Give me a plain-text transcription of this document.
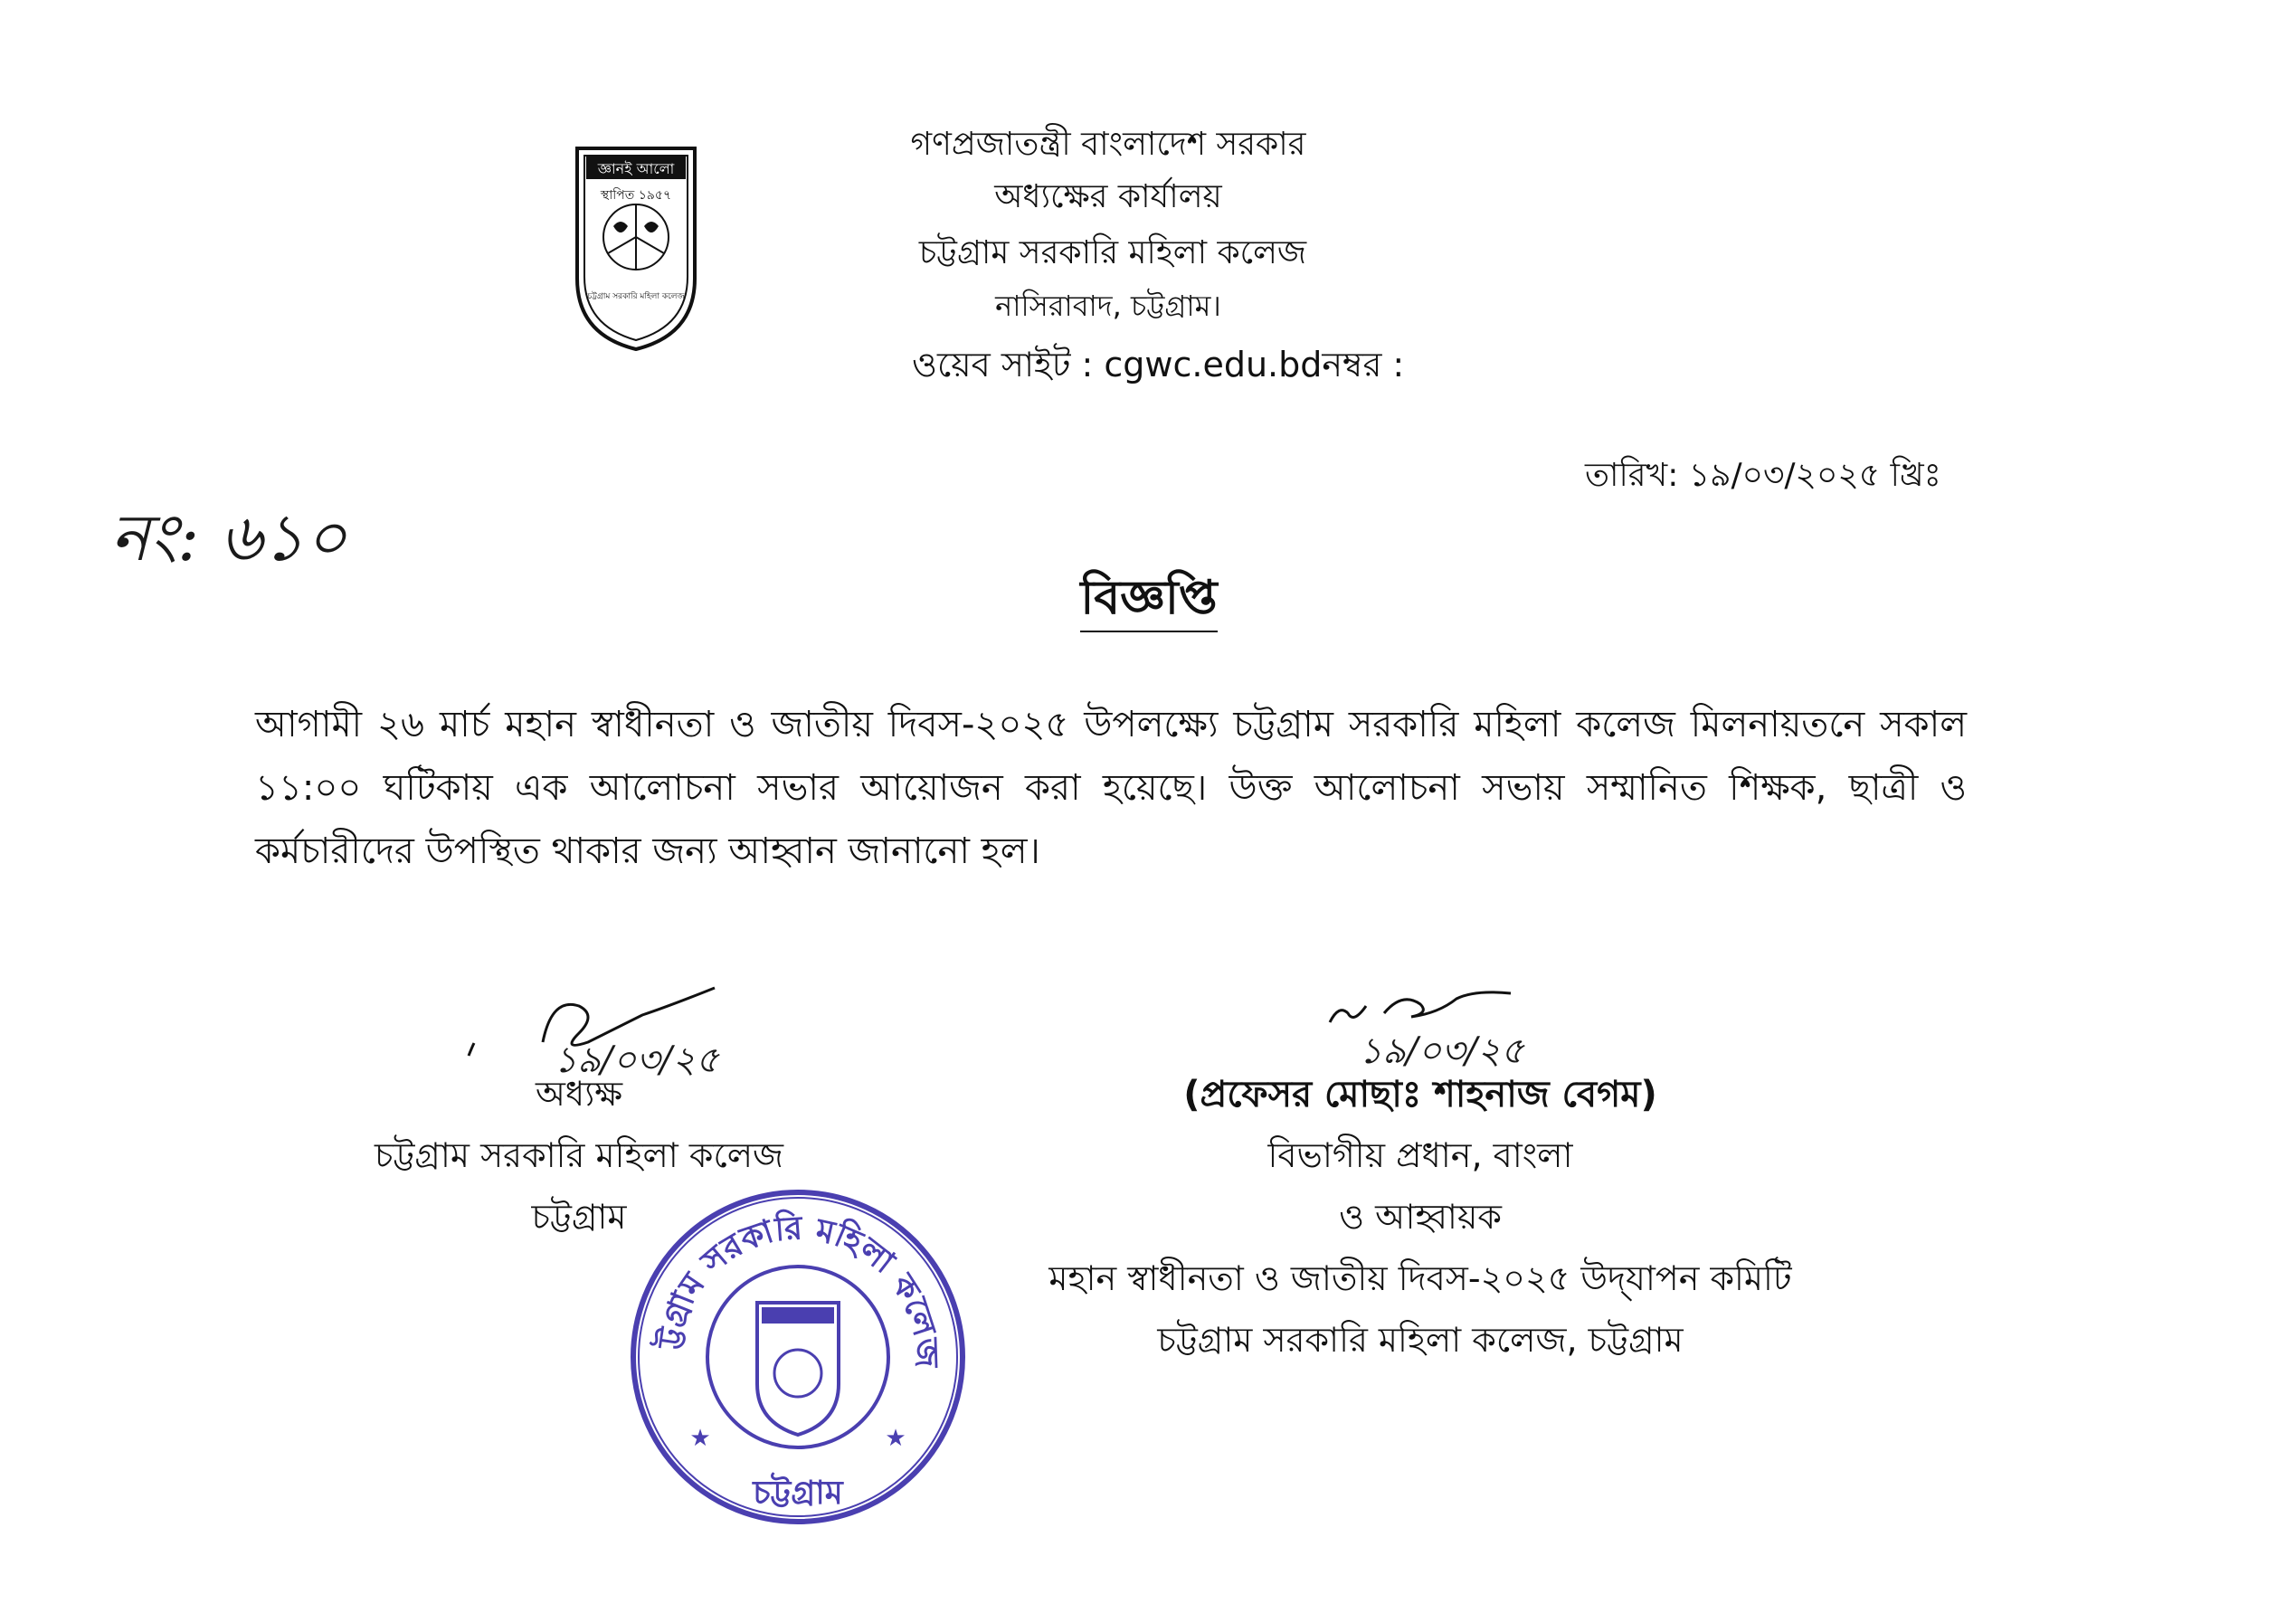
জ্ঞানই আলো
স্থাপিত ১৯৫৭
চট্টগ্রাম সরকারি মহিলা কলেজ
গণপ্রজাতন্ত্রী বাংলাদেশ সরকার
অধ্যক্ষের কার্যালয়
চট্টগ্রাম সরকারি মহিলা কলেজ
নাসিরাবাদ, চট্টগ্রাম।
ওয়েব সাইট : cgwc.edu.bdনম্বর :
নং: ৬১০
তারিখ: ১৯/০৩/২০২৫ খ্রিঃ
বিজ্ঞপ্তি
আগামী ২৬ মার্চ মহান স্বাধীনতা ও জাতীয় দিবস-২০২৫ উপলক্ষ্যে চট্টগ্রাম সরকারি মহিলা কলেজ মিলনায়তনে সকাল ১১:০০ ঘটিকায় এক আলোচনা সভার আয়োজন করা হয়েছে। উক্ত আলোচনা সভায় সম্মানিত শিক্ষক, ছাত্রী ও কর্মচারীদের উপস্থিত থাকার জন্য আহ্বান জানানো হল।
১৯/০৩/২৫
অধ্যক্ষ
চট্টগ্রাম সরকারি মহিলা কলেজ
চট্টগ্রাম
ট্টগ্রাম সরকারি মহিলা কলেজ
★	★
চট্টগ্রাম
১৯/০৩/২৫
(প্রফেসর মোছাঃ শাহনাজ বেগম)
বিভাগীয় প্রধান, বাংলা
ও আহ্বায়ক
মহান স্বাধীনতা ও জাতীয় দিবস-২০২৫ উদ্‌যাপন কমিটি
চট্টগ্রাম সরকারি মহিলা কলেজ, চট্টগ্রাম
